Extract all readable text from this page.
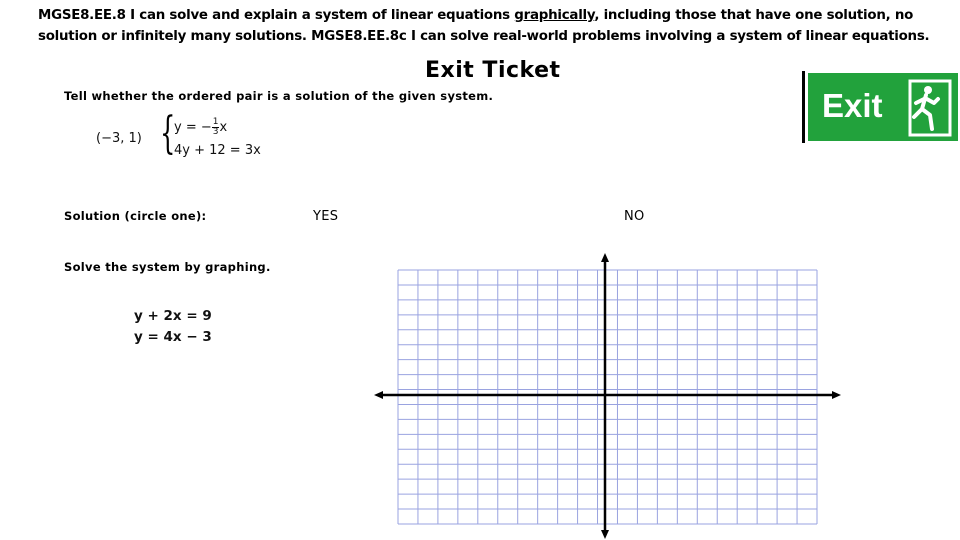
MGSE8.EE.8 I can solve and explain a system of linear equations graphically, including those that have one solution, no
solution or infinitely many solutions. MGSE8.EE.8c I can solve real-world problems involving a system of linear equations.
Exit Ticket
Tell whether the ordered pair is a solution of the given system.
(−3, 1) {
y = − $\frac{1}{3}$ x
4y + 12 = 3x
Solution (circle one):	YES	NO
Solve the system by graphing.
y + 2x = 9
y = 4x − 3
Exit
